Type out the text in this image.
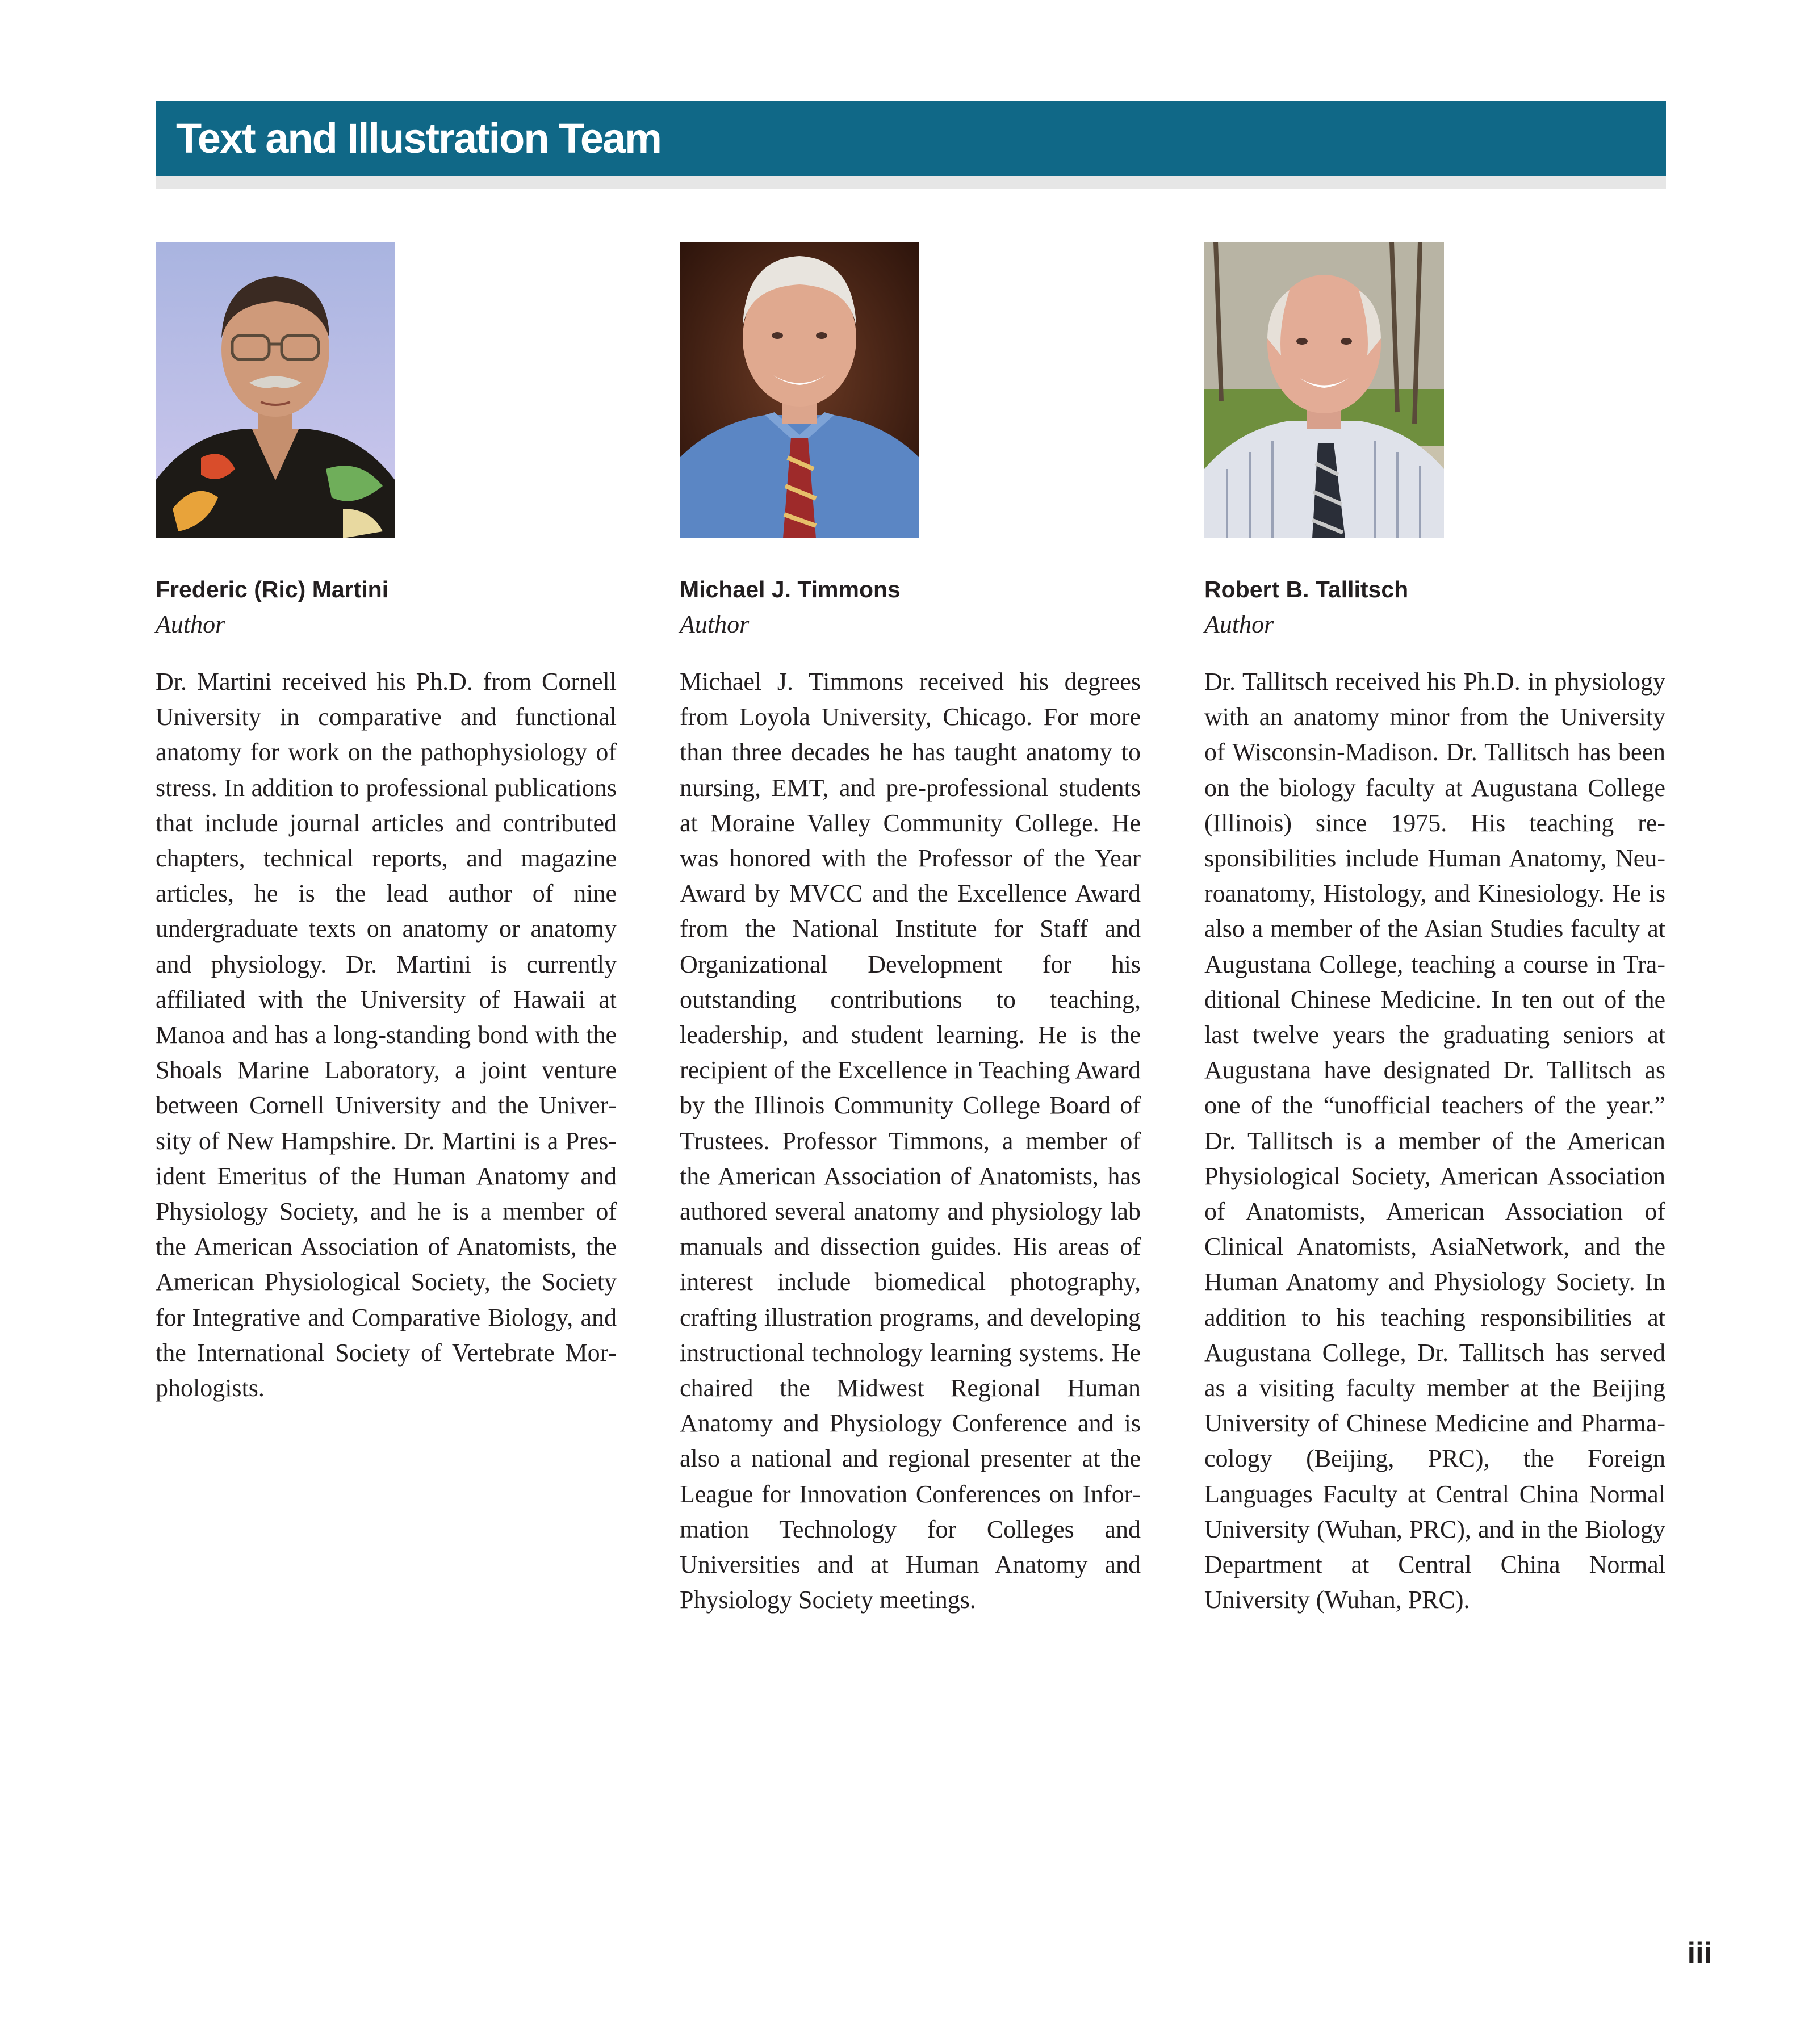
Text and Illustration Team
Frederic (Ric) Martini
Author
Dr. Martini received his Ph.D. from Cornell University in comparative and functional anatomy for work on the pathophysiology of stress. In addition to professional publications that include journal articles and contributed chapters, technical reports, and magazine articles, he is the lead author of nine undergraduate texts on anatomy or anatomy and physiology. Dr. Martini is currently affiliated with the University of Hawaii at Manoa and has a long-standing bond with the Shoals Marine Laboratory, a joint venture between Cornell University and the University of New Hampshire. Dr. Martini is a President Emeritus of the Human Anatomy and Physiology Society, and he is a member of the American Association of Anatomists, the American Physiological Society, the Society for Integrative and Comparative Biology, and the International Society of Vertebrate Morphologists.
Michael J. Timmons
Author
Michael J. Timmons received his degrees from Loyola University, Chicago. For more than three decades he has taught anatomy to nursing, EMT, and pre-professional students at Moraine Valley Community College. He was honored with the Professor of the Year Award by MVCC and the Excellence Award from the National Institute for Staff and Organizational Development for his outstanding contributions to teaching, leadership, and student learning. He is the recipient of the Excellence in Teaching Award by the Illinois Community College Board of Trustees. Professor Timmons, a member of the American Association of Anatomists, has authored several anatomy and physiology lab manuals and dissection guides. His areas of interest include biomedical photography, crafting illustration programs, and developing instructional technology learning systems. He chaired the Midwest Regional Human Anatomy and Physiology Conference and is also a national and regional presenter at the League for Innovation Conferences on Information Technology for Colleges and Universities and at Human Anatomy and Physiology Society meetings.
Robert B. Tallitsch
Author
Dr. Tallitsch received his Ph.D. in physiology with an anatomy minor from the University of Wisconsin-Madison. Dr. Tallitsch has been on the biology faculty at Augustana College (Illinois) since 1975. His teaching responsibilities include Human Anatomy, Neuroanatomy, Histology, and Kinesiology. He is also a member of the Asian Studies faculty at Augustana College, teaching a course in Traditional Chinese Medicine. In ten out of the last twelve years the graduating seniors at Augustana have designated Dr. Tallitsch as one of the “unofficial teachers of the year.” Dr. Tallitsch is a member of the American Physiological Society, American Association of Anatomists, American Association of Clinical Anatomists, AsiaNetwork, and the Human Anatomy and Physiology Society. In addition to his teaching responsibilities at Augustana College, Dr. Tallitsch has served as a visiting faculty member at the Beijing University of Chinese Medicine and Pharmacology (Beijing, PRC), the Foreign Languages Faculty at Central China Normal University (Wuhan, PRC), and in the Biology Department at Central China Normal University (Wuhan, PRC).
iii
